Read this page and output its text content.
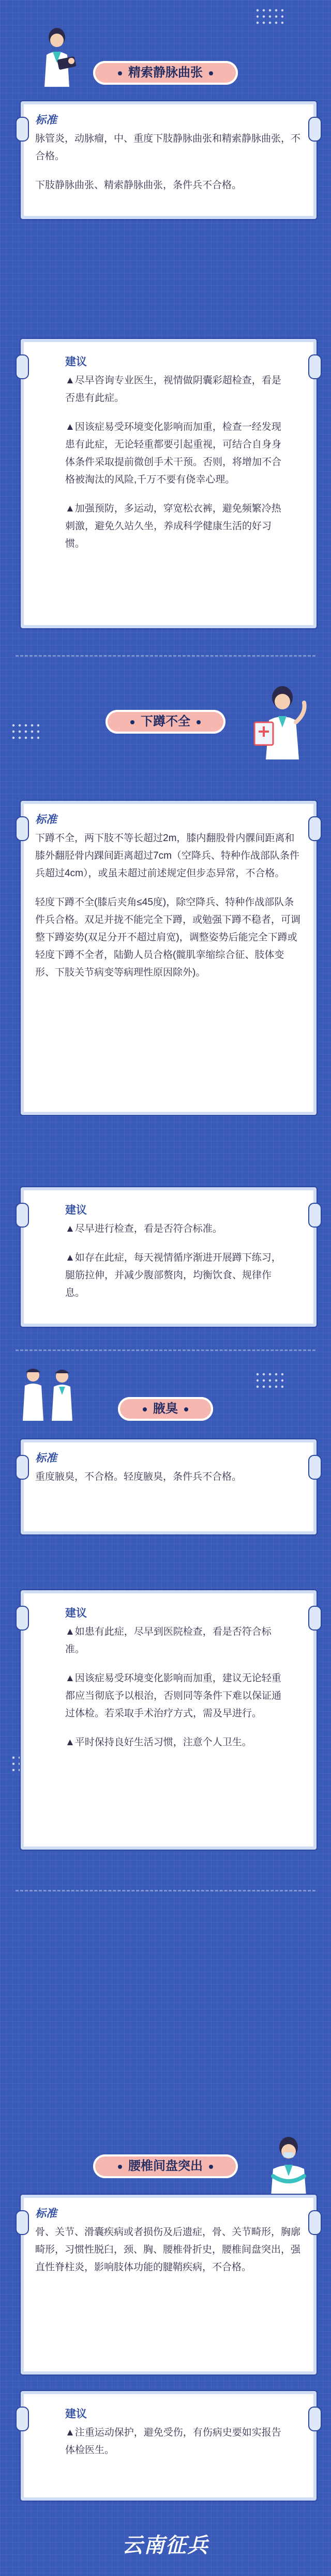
精索静脉曲张
标准

脉管炎，动脉瘤，中、重度下肢静脉曲张和精索静脉曲张，不合格。

下肢静脉曲张、精索静脉曲张，条件兵不合格。

建议

▲尽早咨询专业医生，视情做阴囊彩超检查，看是否患有此症。

▲因该症易受环境变化影响而加重，检查一经发现患有此症，无论轻重都要引起重视，可结合自身身体条件采取提前微创手术干预。否则，将增加不合格被淘汰的风险,千万不要有侥幸心理。

▲加强预防，多运动，穿宽松衣裤，避免频繁冷热刺激，避免久站久坐，养成科学健康生活的好习惯。

下蹲不全
标准

下蹲不全，两下肢不等长超过2m，膝内翻股骨内髁间距离和膝外翻胫骨内踝间距离超过7cm（空降兵、特种作战部队条件兵超过4cm），或虽未超过前述规定但步态异常，不合格。

轻度下蹲不全(膝后夹角≤45度)，除空降兵、特种作战部队条件兵合格。双足并拢不能完全下蹲，或勉强下蹲不稳者，可调整下蹲姿势(双足分开不超过肩宽)，调整姿势后能完全下蹲或轻度下蹲不全者，陆勤人员合格(髋肌挛缩综合征、肢体变形、下肢关节病变等病理性原因除外)。

建议

▲尽早进行检查，看是否符合标准。

▲如存在此症，每天视情循序渐进开展蹲下练习，腿筋拉伸，并减少腹部赘肉，均衡饮食、规律作息。

腋臭
标准

重度腋臭，不合格。轻度腋臭，条件兵不合格。

建议

▲如患有此症，尽早到医院检查，看是否符合标准。

▲因该症易受环境变化影响而加重，建议无论轻重都应当彻底予以根治，否则同等条件下难以保证通过体检。若采取手术治疗方式，需及早进行。

▲平时保持良好生活习惯，注意个人卫生。

腰椎间盘突出
标准

骨、关节、滑囊疾病或者损伤及后遗症，骨、关节畸形，胸廓畸形，习惯性脱臼，颈、胸、腰椎骨折史，腰椎间盘突出，强直性脊柱炎，影响肢体功能的腱鞘疾病，不合格。

建议

▲注重运动保护，避免受伤，有伤病史要如实报告体检医生。

云南征兵
